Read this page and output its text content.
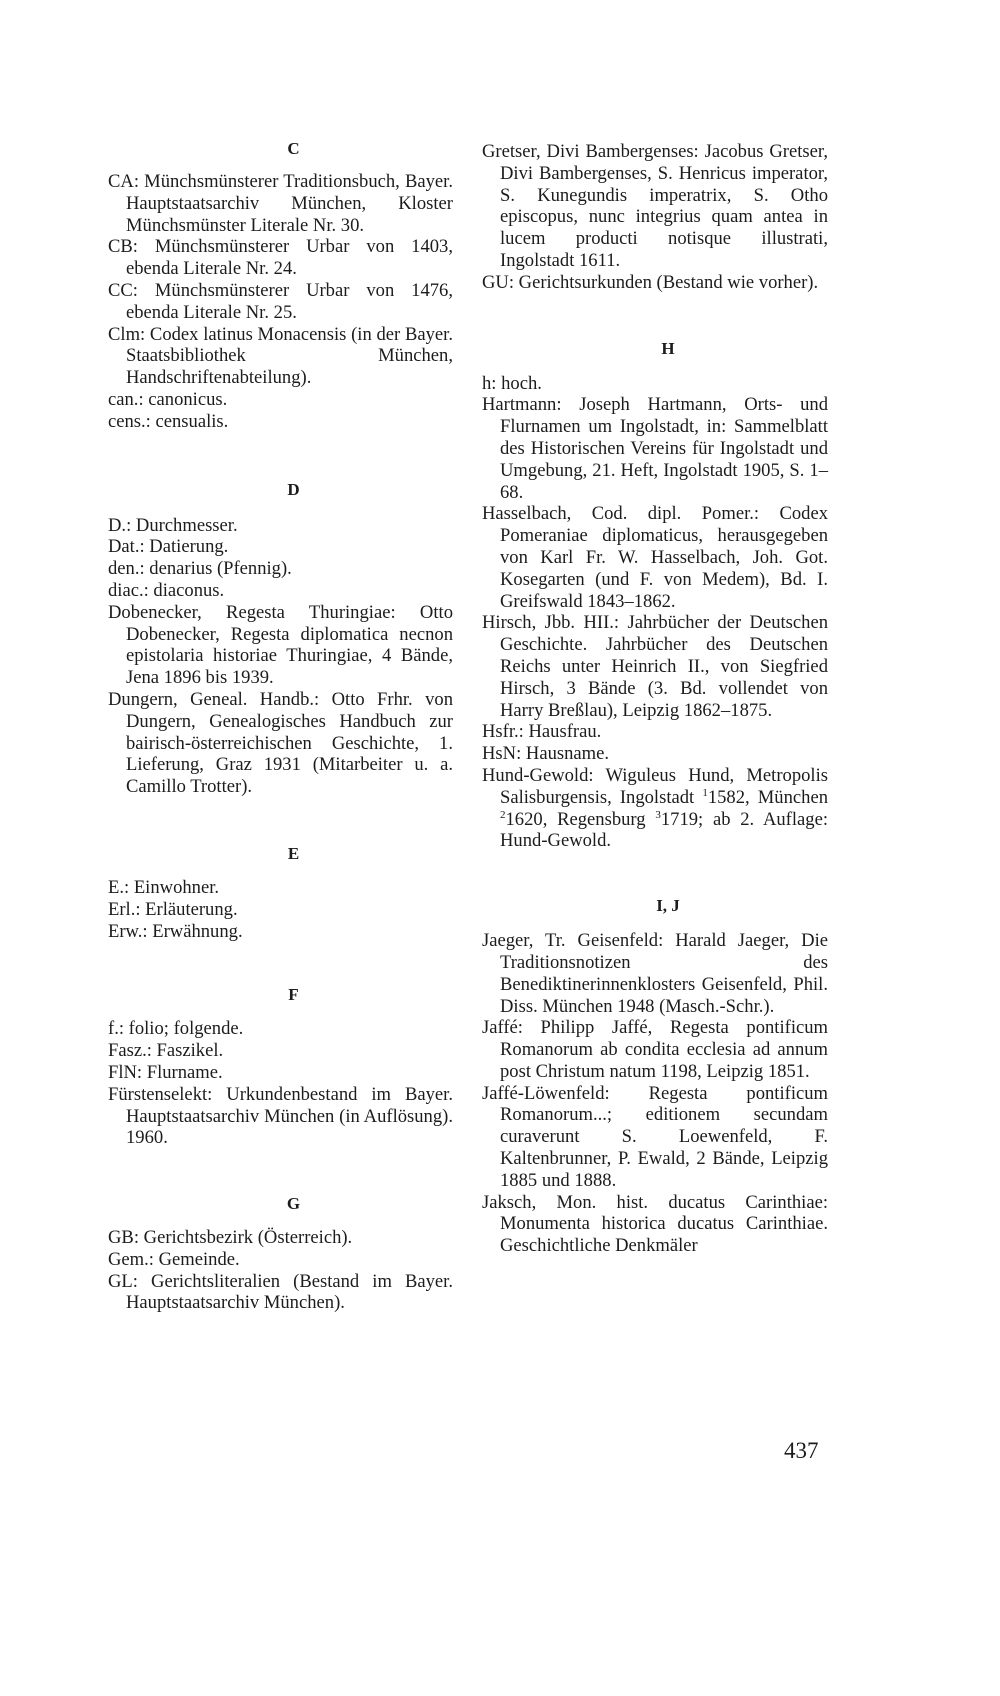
C
CA: Münchsmünsterer Traditionsbuch, Bayer. Hauptstaatsarchiv München, Kloster Münchsmünster Literale Nr. 30.
CB: Münchsmünsterer Urbar von 1403, ebenda Literale Nr. 24.
CC: Münchsmünsterer Urbar von 1476, ebenda Literale Nr. 25.
Clm: Codex latinus Monacensis (in der Bayer. Staatsbibliothek München, Handschriftenabteilung).
can.: canonicus.
cens.: censualis.
D
D.: Durchmesser.
Dat.: Datierung.
den.: denarius (Pfennig).
diac.: diaconus.
Dobenecker, Regesta Thuringiae: Otto Dobenecker, Regesta diplomatica necnon epistolaria historiae Thuringiae, 4 Bände, Jena 1896 bis 1939.
Dungern, Geneal. Handb.: Otto Frhr. von Dungern, Genealogisches Handbuch zur bairisch-österreichischen Geschichte, 1. Lieferung, Graz 1931 (Mitarbeiter u. a. Camillo Trotter).
E
E.: Einwohner.
Erl.: Erläuterung.
Erw.: Erwähnung.
F
f.: folio; folgende.
Fasz.: Faszikel.
FlN: Flurname.
Fürstenselekt: Urkundenbestand im Bayer. Hauptstaatsarchiv München (in Auflösung). 1960.
G
GB: Gerichtsbezirk (Österreich).
Gem.: Gemeinde.
GL: Gerichtsliteralien (Bestand im Bayer. Hauptstaatsarchiv München).
Gretser, Divi Bambergenses: Jacobus Gretser, Divi Bambergenses, S. Henricus imperator, S. Kunegundis imperatrix, S. Otho episcopus, nunc integrius quam antea in lucem producti notisque illustrati, Ingolstadt 1611.
GU: Gerichtsurkunden (Bestand wie vorher).
H
h: hoch.
Hartmann: Joseph Hartmann, Orts- und Flurnamen um Ingolstadt, in: Sammelblatt des Historischen Vereins für Ingolstadt und Umgebung, 21. Heft, Ingolstadt 1905, S. 1–68.
Hasselbach, Cod. dipl. Pomer.: Codex Pomeraniae diplomaticus, herausgegeben von Karl Fr. W. Hasselbach, Joh. Got. Kosegarten (und F. von Medem), Bd. I. Greifswald 1843–1862.
Hirsch, Jbb. HII.: Jahrbücher der Deutschen Geschichte. Jahrbücher des Deutschen Reichs unter Heinrich II., von Siegfried Hirsch, 3 Bände (3. Bd. vollendet von Harry Breßlau), Leipzig 1862–1875.
Hsfr.: Hausfrau.
HsN: Hausname.
Hund-Gewold: Wiguleus Hund, Metropolis Salisburgensis, Ingolstadt $^1$1582, München $^2$1620, Regensburg $^3$1719; ab 2. Auflage: Hund-Gewold.
I, J
Jaeger, Tr. Geisenfeld: Harald Jaeger, Die Traditionsnotizen des Benediktinerinnenklosters Geisenfeld, Phil. Diss. München 1948 (Masch.-Schr.).
Jaffé: Philipp Jaffé, Regesta pontificum Romanorum ab condita ecclesia ad annum post Christum natum 1198, Leipzig 1851.
Jaffé-Löwenfeld: Regesta pontificum Romanorum...; editionem secundam curaverunt S. Loewenfeld, F. Kaltenbrunner, P. Ewald, 2 Bände, Leipzig 1885 und 1888.
Jaksch, Mon. hist. ducatus Carinthiae: Monumenta historica ducatus Carinthiae. Geschichtliche Denkmäler
437
